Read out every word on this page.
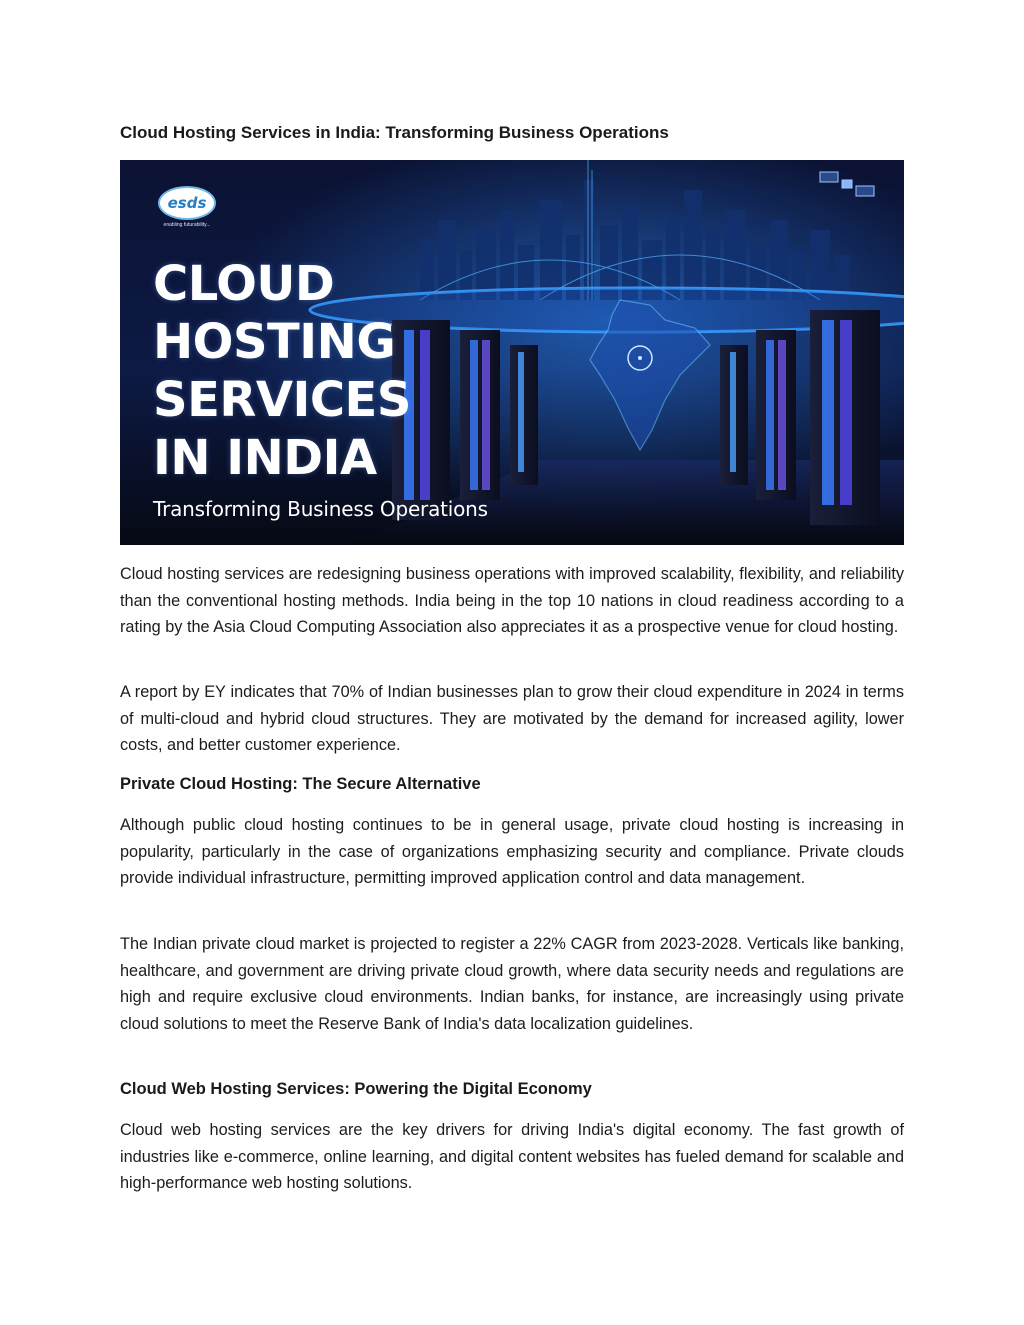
Cloud Hosting Services in India: Transforming Business Operations
esds
enabling futurability...
CLOUD
HOSTING
SERVICES
IN INDIA
Transforming Business Operations

Cloud hosting services are redesigning business operations with improved scalability, flexibility, and reliability than the conventional hosting methods. India being in the top 10 nations in cloud readiness according to a rating by the Asia Cloud Computing Association also appreciates it as a prospective venue for cloud hosting.

A report by EY indicates that 70% of Indian businesses plan to grow their cloud expenditure in 2024 in terms of multi-cloud and hybrid cloud structures. They are motivated by the demand for increased agility, lower costs, and better customer experience.

Private Cloud Hosting: The Secure Alternative

Although public cloud hosting continues to be in general usage, private cloud hosting is increasing in popularity, particularly in the case of organizations emphasizing security and compliance. Private clouds provide individual infrastructure, permitting improved application control and data management.

The Indian private cloud market is projected to register a 22% CAGR from 2023-2028. Verticals like banking, healthcare, and government are driving private cloud growth, where data security needs and regulations are high and require exclusive cloud environments. Indian banks, for instance, are increasingly using private cloud solutions to meet the Reserve Bank of India's data localization guidelines.

Cloud Web Hosting Services: Powering the Digital Economy

Cloud web hosting services are the key drivers for driving India's digital economy. The fast growth of industries like e-commerce, online learning, and digital content websites has fueled demand for scalable and high-performance web hosting solutions.
